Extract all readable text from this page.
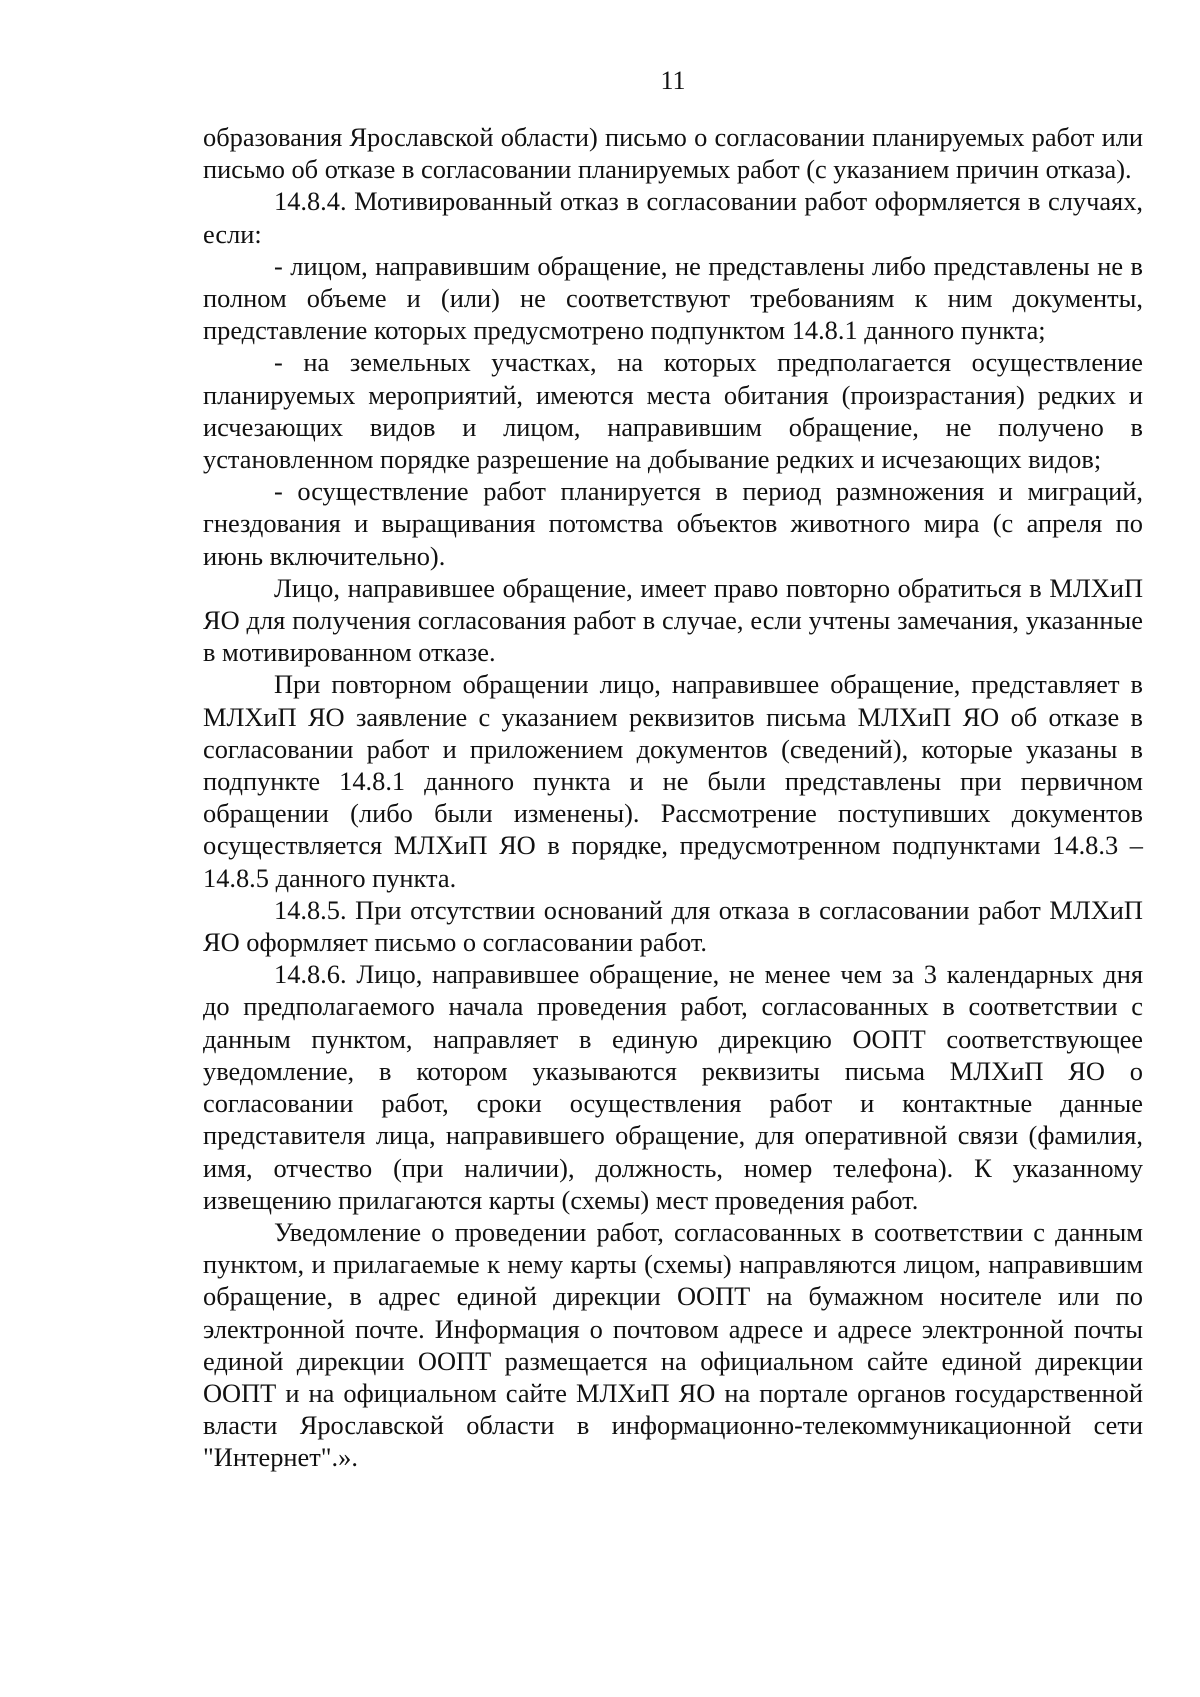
11

образования Ярославской области) письмо о согласовании планируемых работ или письмо об отказе в согласовании планируемых работ (с указанием причин отказа).

14.8.4. Мотивированный отказ в согласовании работ оформляется в случаях, если:

- лицом, направившим обращение, не представлены либо представлены не в полном объеме и (или) не соответствуют требованиям к ним документы, представление которых предусмотрено подпунктом 14.8.1 данного пункта;

- на земельных участках, на которых предполагается осуществление планируемых мероприятий, имеются места обитания (произрастания) редких и исчезающих видов и лицом, направившим обращение, не получено в установленном порядке разрешение на добывание редких и исчезающих видов;

- осуществление работ планируется в период размножения и миграций, гнездования и выращивания потомства объектов животного мира (с апреля по июнь включительно).

Лицо, направившее обращение, имеет право повторно обратиться в МЛХиП ЯО для получения согласования работ в случае, если учтены замечания, указанные в мотивированном отказе.

При повторном обращении лицо, направившее обращение, представляет в МЛХиП ЯО заявление с указанием реквизитов письма МЛХиП ЯО об отказе в согласовании работ и приложением документов (сведений), которые указаны в подпункте 14.8.1 данного пункта и не были представлены при первичном обращении (либо были изменены). Рассмотрение поступивших документов осуществляется МЛХиП ЯО в порядке, предусмотренном подпунктами 14.8.3 – 14.8.5 данного пункта.

14.8.5. При отсутствии оснований для отказа в согласовании работ МЛХиП ЯО оформляет письмо о согласовании работ.

14.8.6. Лицо, направившее обращение, не менее чем за 3 календарных дня до предполагаемого начала проведения работ, согласованных в соответствии с данным пунктом, направляет в единую дирекцию ООПТ соответствующее уведомление, в котором указываются реквизиты письма МЛХиП ЯО о согласовании работ, сроки осуществления работ и контактные данные представителя лица, направившего обращение, для оперативной связи (фамилия, имя, отчество (при наличии), должность, номер телефона). К указанному извещению прилагаются карты (схемы) мест проведения работ.

Уведомление о проведении работ, согласованных в соответствии с данным пунктом, и прилагаемые к нему карты (схемы) направляются лицом, направившим обращение, в адрес единой дирекции ООПТ на бумажном носителе или по электронной почте. Информация о почтовом адресе и адресе электронной почты единой дирекции ООПТ размещается на официальном сайте единой дирекции ООПТ и на официальном сайте МЛХиП ЯО на портале органов государственной власти Ярославской области в информационно-телекоммуникационной сети "Интернет".».
